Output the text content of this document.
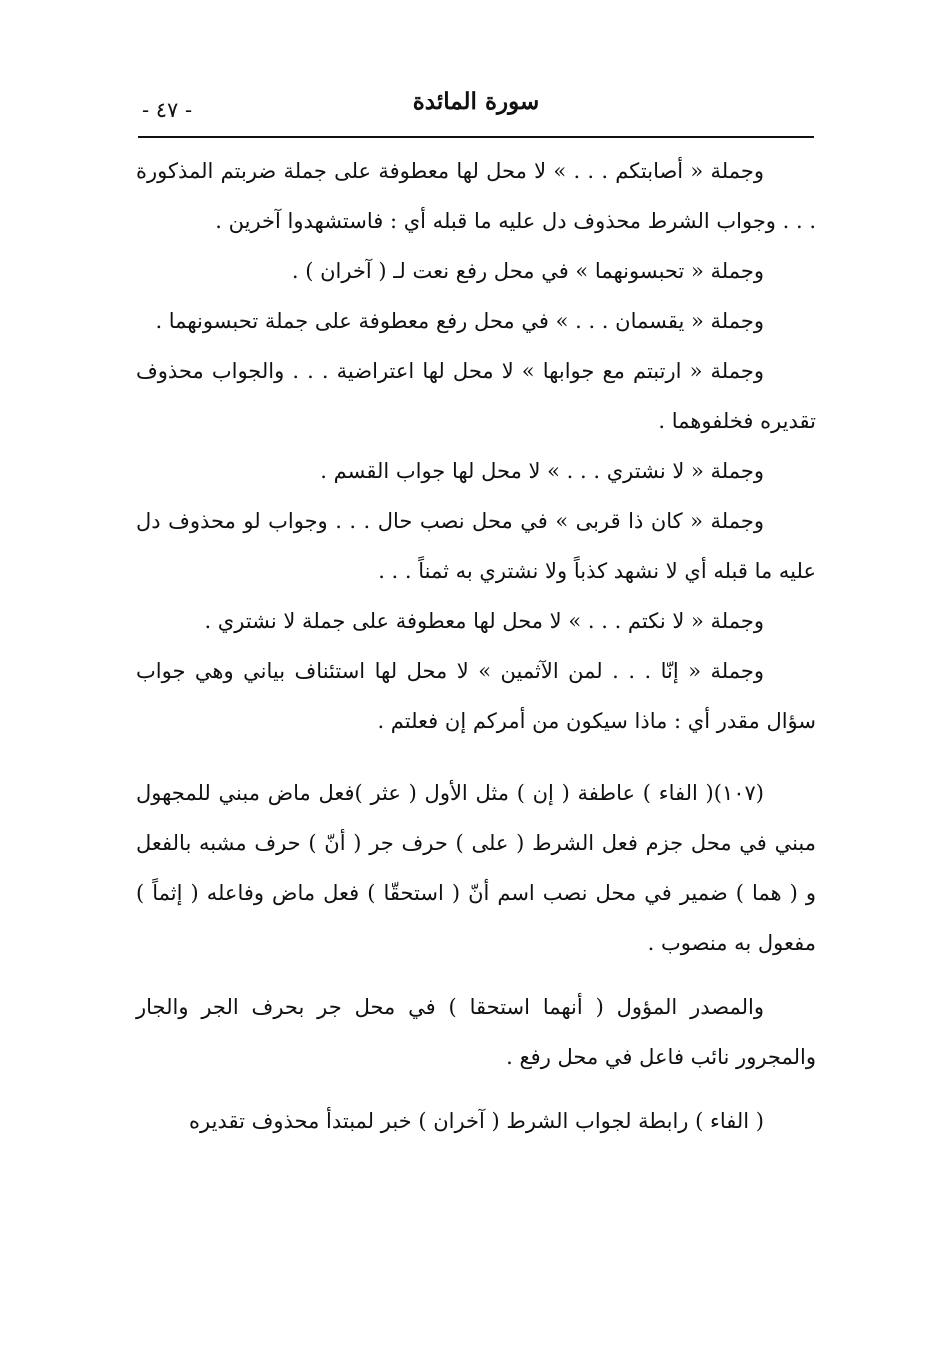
- ٤٧ -	سورة المائدة

وجملة « أصابتكم . . . » لا محل لها معطوفة على جملة ضربتم المذكورة . . . وجواب الشرط محذوف دل عليه ما قبله أي : فاستشهدوا آخرين .

وجملة « تحبسونهما » في محل رفع نعت لـ ( آخران ) .

وجملة « يقسمان . . . » في محل رفع معطوفة على جملة تحبسونهما .

وجملة « ارتبتم مع جوابها » لا محل لها اعتراضية . . . والجواب محذوف تقديره فخلفوهما .

وجملة « لا نشتري . . . » لا محل لها جواب القسم .

وجملة « كان ذا قربى » في محل نصب حال . . . وجواب لو محذوف دل عليه ما قبله أي لا نشهد كذباً ولا نشتري به ثمناً . . .

وجملة « لا نكتم . . . » لا محل لها معطوفة على جملة لا نشتري .

وجملة « إنّا . . . لمن الآثمين » لا محل لها استئناف بياني وهي جواب سؤال مقدر أي : ماذا سيكون من أمركم إن فعلتم .

(١٠٧)( الفاء ) عاطفة ( إن ) مثل الأول ( عثر )فعل ماض مبني للمجهول مبني في محل جزم فعل الشرط ( على ) حرف جر ( أنّ ) حرف مشبه بالفعل و ( هما ) ضمير في محل نصب اسم أنّ ( استحقّا ) فعل ماض وفاعله ( إثماً ) مفعول به منصوب .

والمصدر المؤول ( أنهما استحقا ) في محل جر بحرف الجر والجار والمجرور نائب فاعل في محل رفع .

( الفاء ) رابطة لجواب الشرط ( آخران ) خبر لمبتدأ محذوف تقديره
